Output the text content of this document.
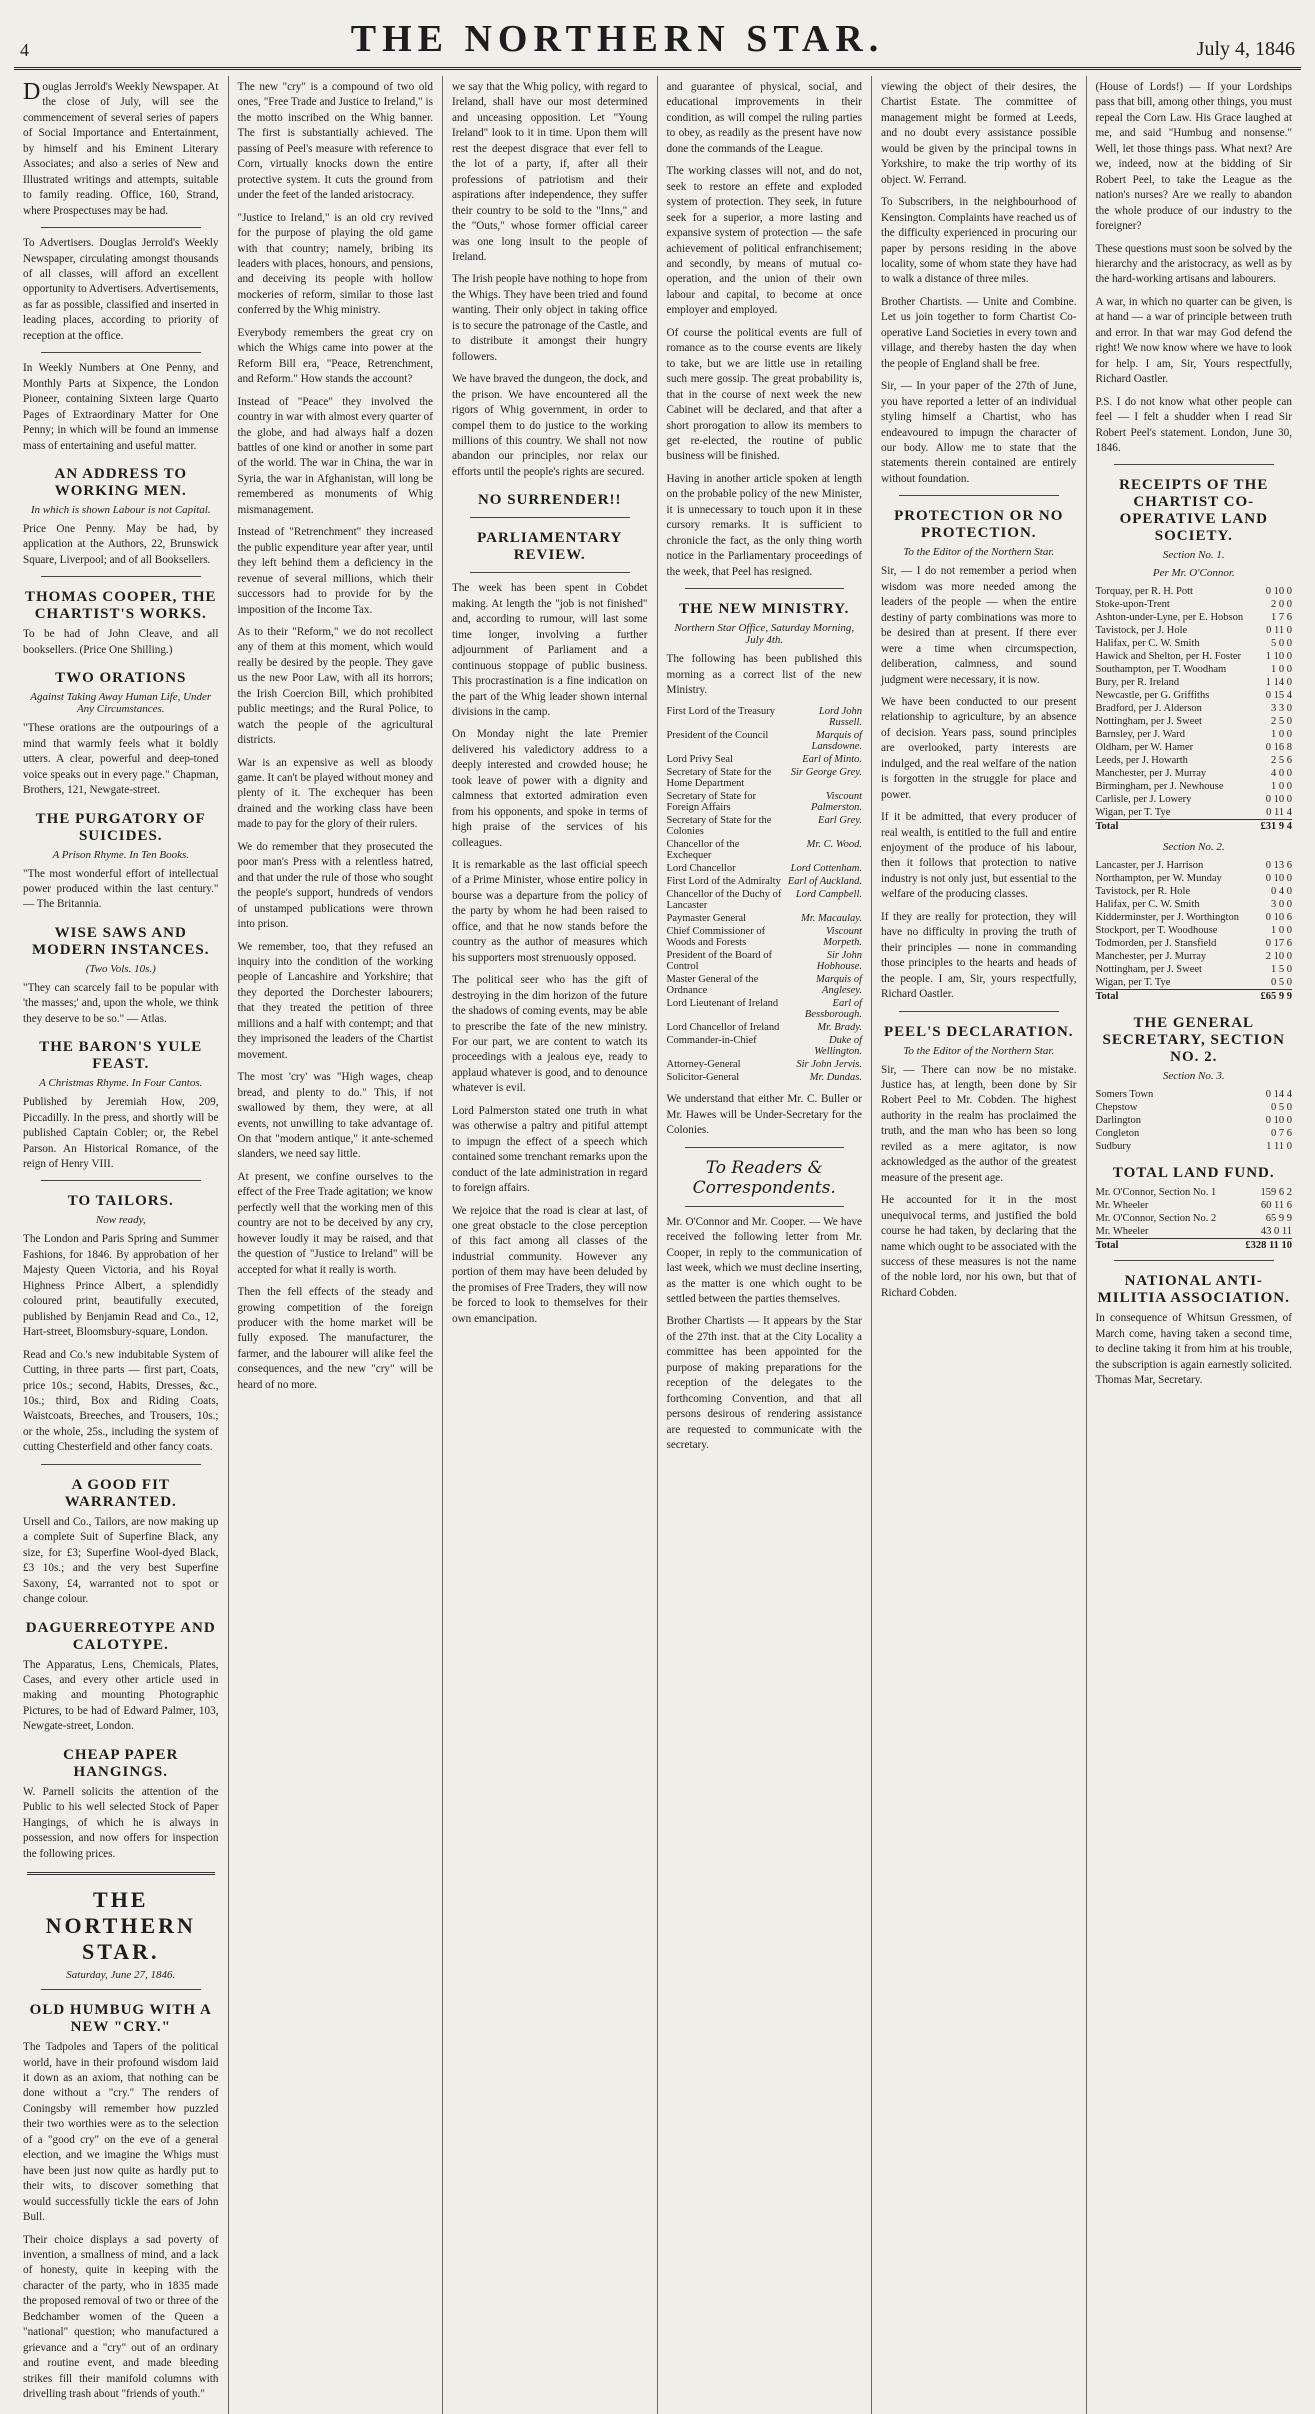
4	THE NORTHERN STAR.	July 4, 1846

Douglas Jerrold's Weekly Newspaper. At the close of July, will see the commencement of several series of papers of Social Importance and Entertainment, by himself and his Eminent Literary Associates; and also a series of New and Illustrated writings and attempts, suitable to family reading. Office, 160, Strand, where Prospectuses may be had.

To Advertisers. Douglas Jerrold's Weekly Newspaper, circulating amongst thousands of all classes, will afford an excellent opportunity to Advertisers. Advertisements, as far as possible, classified and inserted in leading places, according to priority of reception at the office.

In Weekly Numbers at One Penny, and Monthly Parts at Sixpence, the London Pioneer, containing Sixteen large Quarto Pages of Extraordinary Matter for One Penny; in which will be found an immense mass of entertaining and useful matter.

AN ADDRESS TO WORKING MEN.
In which is shown Labour is not Capital.

Price One Penny. May be had, by application at the Authors, 22, Brunswick Square, Liverpool; and of all Booksellers.

THOMAS COOPER, THE CHARTIST'S WORKS.

To be had of John Cleave, and all booksellers. (Price One Shilling.)

TWO ORATIONS
Against Taking Away Human Life, Under Any Circumstances.

"These orations are the outpourings of a mind that warmly feels what it boldly utters. A clear, powerful and deep-toned voice speaks out in every page." Chapman, Brothers, 121, Newgate-street.

THE PURGATORY OF SUICIDES.
A Prison Rhyme. In Ten Books.

"The most wonderful effort of intellectual power produced within the last century." — The Britannia.

WISE SAWS AND MODERN INSTANCES.
(Two Vols. 10s.)

"They can scarcely fail to be popular with 'the masses;' and, upon the whole, we think they deserve to be so." — Atlas.

THE BARON'S YULE FEAST.
A Christmas Rhyme. In Four Cantos.

Published by Jeremiah How, 209, Piccadilly. In the press, and shortly will be published Captain Cobler; or, the Rebel Parson. An Historical Romance, of the reign of Henry VIII.

TO TAILORS.
Now ready,

The London and Paris Spring and Summer Fashions, for 1846. By approbation of her Majesty Queen Victoria, and his Royal Highness Prince Albert, a splendidly coloured print, beautifully executed, published by Benjamin Read and Co., 12, Hart-street, Bloomsbury-square, London.

Read and Co.'s new indubitable System of Cutting, in three parts — first part, Coats, price 10s.; second, Habits, Dresses, &c., 10s.; third, Box and Riding Coats, Waistcoats, Breeches, and Trousers, 10s.; or the whole, 25s., including the system of cutting Chesterfield and other fancy coats.

A GOOD FIT WARRANTED.

Ursell and Co., Tailors, are now making up a complete Suit of Superfine Black, any size, for £3; Superfine Wool-dyed Black, £3 10s.; and the very best Superfine Saxony, £4, warranted not to spot or change colour.

DAGUERREOTYPE AND CALOTYPE.

The Apparatus, Lens, Chemicals, Plates, Cases, and every other article used in making and mounting Photographic Pictures, to be had of Edward Palmer, 103, Newgate-street, London.

CHEAP PAPER HANGINGS.

W. Parnell solicits the attention of the Public to his well selected Stock of Paper Hangings, of which he is always in possession, and now offers for inspection the following prices.

THE NORTHERN STAR.
Saturday, June 27, 1846.
OLD HUMBUG WITH A NEW "CRY."

The Tadpoles and Tapers of the political world, have in their profound wisdom laid it down as an axiom, that nothing can be done without a "cry." The renders of Coningsby will remember how puzzled their two worthies were as to the selection of a "good cry" on the eve of a general election, and we imagine the Whigs must have been just now quite as hardly put to their wits, to discover something that would successfully tickle the ears of John Bull.

Their choice displays a sad poverty of invention, a smallness of mind, and a lack of honesty, quite in keeping with the character of the party, who in 1835 made the proposed removal of two or three of the Bedchamber women of the Queen a "national" question; who manufactured a grievance and a "cry" out of an ordinary and routine event, and made bleeding strikes fill their manifold columns with drivelling trash about "friends of youth."

The new "cry" is a compound of two old ones, "Free Trade and Justice to Ireland," is the motto inscribed on the Whig banner. The first is substantially achieved. The passing of Peel's measure with reference to Corn, virtually knocks down the entire protective system. It cuts the ground from under the feet of the landed aristocracy.

"Justice to Ireland," is an old cry revived for the purpose of playing the old game with that country; namely, bribing its leaders with places, honours, and pensions, and deceiving its people with hollow mockeries of reform, similar to those last conferred by the Whig ministry.

Everybody remembers the great cry on which the Whigs came into power at the Reform Bill era, "Peace, Retrenchment, and Reform." How stands the account?

Instead of "Peace" they involved the country in war with almost every quarter of the globe, and had always half a dozen battles of one kind or another in some part of the world. The war in China, the war in Syria, the war in Afghanistan, will long be remembered as monuments of Whig mismanagement.

Instead of "Retrenchment" they increased the public expenditure year after year, until they left behind them a deficiency in the revenue of several millions, which their successors had to provide for by the imposition of the Income Tax.

As to their "Reform," we do not recollect any of them at this moment, which would really be desired by the people. They gave us the new Poor Law, with all its horrors; the Irish Coercion Bill, which prohibited public meetings; and the Rural Police, to watch the people of the agricultural districts.

War is an expensive as well as bloody game. It can't be played without money and plenty of it. The exchequer has been drained and the working class have been made to pay for the glory of their rulers.

We do remember that they prosecuted the poor man's Press with a relentless hatred, and that under the rule of those who sought the people's support, hundreds of vendors of unstamped publications were thrown into prison.

We remember, too, that they refused an inquiry into the condition of the working people of Lancashire and Yorkshire; that they deported the Dorchester labourers; that they treated the petition of three millions and a half with contempt; and that they imprisoned the leaders of the Chartist movement.

The most 'cry' was "High wages, cheap bread, and plenty to do." This, if not swallowed by them, they were, at all events, not unwilling to take advantage of. On that "modern antique," it ante-schemed slanders, we need say little.

At present, we confine ourselves to the effect of the Free Trade agitation; we know perfectly well that the working men of this country are not to be deceived by any cry, however loudly it may be raised, and that the question of "Justice to Ireland" will be accepted for what it really is worth.

Then the fell effects of the steady and growing competition of the foreign producer with the home market will be fully exposed. The manufacturer, the farmer, and the labourer will alike feel the consequences, and the new "cry" will be heard of no more.

we say that the Whig policy, with regard to Ireland, shall have our most determined and unceasing opposition. Let "Young Ireland" look to it in time. Upon them will rest the deepest disgrace that ever fell to the lot of a party, if, after all their professions of patriotism and their aspirations after independence, they suffer their country to be sold to the "Inns," and the "Outs," whose former official career was one long insult to the people of Ireland.

The Irish people have nothing to hope from the Whigs. They have been tried and found wanting. Their only object in taking office is to secure the patronage of the Castle, and to distribute it amongst their hungry followers.

We have braved the dungeon, the dock, and the prison. We have encountered all the rigors of Whig government, in order to compel them to do justice to the working millions of this country. We shall not now abandon our principles, nor relax our efforts until the people's rights are secured.

NO SURRENDER!!
PARLIAMENTARY REVIEW.

The week has been spent in Cobdet making. At length the "job is not finished" and, according to rumour, will last some time longer, involving a further adjournment of Parliament and a continuous stoppage of public business. This procrastination is a fine indication on the part of the Whig leader shown internal divisions in the camp.

On Monday night the late Premier delivered his valedictory address to a deeply interested and crowded house; he took leave of power with a dignity and calmness that extorted admiration even from his opponents, and spoke in terms of high praise of the services of his colleagues.

It is remarkable as the last official speech of a Prime Minister, whose entire policy in bourse was a departure from the policy of the party by whom he had been raised to office, and that he now stands before the country as the author of measures which his supporters most strenuously opposed.

The political seer who has the gift of destroying in the dim horizon of the future the shadows of coming events, may be able to prescribe the fate of the new ministry. For our part, we are content to watch its proceedings with a jealous eye, ready to applaud whatever is good, and to denounce whatever is evil.

Lord Palmerston stated one truth in what was otherwise a paltry and pitiful attempt to impugn the effect of a speech which contained some trenchant remarks upon the conduct of the late administration in regard to foreign affairs.

We rejoice that the road is clear at last, of one great obstacle to the close perception of this fact among all classes of the industrial community. However any portion of them may have been deluded by the promises of Free Traders, they will now be forced to look to themselves for their own emancipation.

and guarantee of physical, social, and educational improvements in their condition, as will compel the ruling parties to obey, as readily as the present have now done the commands of the League.

The working classes will not, and do not, seek to restore an effete and exploded system of protection. They seek, in future seek for a superior, a more lasting and expansive system of protection — the safe achievement of political enfranchisement; and secondly, by means of mutual co-operation, and the union of their own labour and capital, to become at once employer and employed.

Of course the political events are full of romance as to the course events are likely to take, but we are little use in retailing such mere gossip. The great probability is, that in the course of next week the new Cabinet will be declared, and that after a short prorogation to allow its members to get re-elected, the routine of public business will be finished.

Having in another article spoken at length on the probable policy of the new Minister, it is unnecessary to touch upon it in these cursory remarks. It is sufficient to chronicle the fact, as the only thing worth notice in the Parliamentary proceedings of the week, that Peel has resigned.

THE NEW MINISTRY.
Northern Star Office, Saturday Morning, July 4th.

The following has been published this morning as a correct list of the new Ministry.

First Lord of the Treasury	Lord John Russell.
President of the Council	Marquis of Lansdowne.
Lord Privy Seal	Earl of Minto.
Secretary of State for the Home Department	Sir George Grey.
Secretary of State for Foreign Affairs	Viscount Palmerston.
Secretary of State for the Colonies	Earl Grey.
Chancellor of the Exchequer	Mr. C. Wood.
Lord Chancellor	Lord Cottenham.
First Lord of the Admiralty	Earl of Auckland.
Chancellor of the Duchy of Lancaster	Lord Campbell.
Paymaster General	Mr. Macaulay.
Chief Commissioner of Woods and Forests	Viscount Morpeth.
President of the Board of Control	Sir John Hobhouse.
Master General of the Ordnance	Marquis of Anglesey.
Lord Lieutenant of Ireland	Earl of Bessborough.
Lord Chancellor of Ireland	Mr. Brady.
Commander-in-Chief	Duke of Wellington.
Attorney-General	Sir John Jervis.
Solicitor-General	Mr. Dundas.

We understand that either Mr. C. Buller or Mr. Hawes will be Under-Secretary for the Colonies.

To Readers & Correspondents.

Mr. O'Connor and Mr. Cooper. — We have received the following letter from Mr. Cooper, in reply to the communication of last week, which we must decline inserting, as the matter is one which ought to be settled between the parties themselves.

Brother Chartists — It appears by the Star of the 27th inst. that at the City Locality a committee has been appointed for the purpose of making preparations for the reception of the delegates to the forthcoming Convention, and that all persons desirous of rendering assistance are requested to communicate with the secretary.

viewing the object of their desires, the Chartist Estate. The committee of management might be formed at Leeds, and no doubt every assistance possible would be given by the principal towns in Yorkshire, to make the trip worthy of its object. W. Ferrand.

To Subscribers, in the neighbourhood of Kensington. Complaints have reached us of the difficulty experienced in procuring our paper by persons residing in the above locality, some of whom state they have had to walk a distance of three miles.

Brother Chartists. — Unite and Combine. Let us join together to form Chartist Co-operative Land Societies in every town and village, and thereby hasten the day when the people of England shall be free.

Sir, — In your paper of the 27th of June, you have reported a letter of an individual styling himself a Chartist, who has endeavoured to impugn the character of our body. Allow me to state that the statements therein contained are entirely without foundation.

PROTECTION OR NO PROTECTION.
To the Editor of the Northern Star.

Sir, — I do not remember a period when wisdom was more needed among the leaders of the people — when the entire destiny of party combinations was more to be desired than at present. If there ever were a time when circumspection, deliberation, calmness, and sound judgment were necessary, it is now.

We have been conducted to our present relationship to agriculture, by an absence of decision. Years pass, sound principles are overlooked, party interests are indulged, and the real welfare of the nation is forgotten in the struggle for place and power.

If it be admitted, that every producer of real wealth, is entitled to the full and entire enjoyment of the produce of his labour, then it follows that protection to native industry is not only just, but essential to the welfare of the producing classes.

If they are really for protection, they will have no difficulty in proving the truth of their principles — none in commanding those principles to the hearts and heads of the people. I am, Sir, yours respectfully, Richard Oastler.

PEEL'S DECLARATION.
To the Editor of the Northern Star.

Sir, — There can now be no mistake. Justice has, at length, been done by Sir Robert Peel to Mr. Cobden. The highest authority in the realm has proclaimed the truth, and the man who has been so long reviled as a mere agitator, is now acknowledged as the author of the greatest measure of the present age.

He accounted for it in the most unequivocal terms, and justified the bold course he had taken, by declaring that the name which ought to be associated with the success of these measures is not the name of the noble lord, nor his own, but that of Richard Cobden.

(House of Lords!) — If your Lordships pass that bill, among other things, you must repeal the Corn Law. His Grace laughed at me, and said "Humbug and nonsense." Well, let those things pass. What next? Are we, indeed, now at the bidding of Sir Robert Peel, to take the League as the nation's nurses? Are we really to abandon the whole produce of our industry to the foreigner?

These questions must soon be solved by the hierarchy and the aristocracy, as well as by the hard-working artisans and labourers.

A war, in which no quarter can be given, is at hand — a war of principle between truth and error. In that war may God defend the right! We now know where we have to look for help. I am, Sir, Yours respectfully, Richard Oastler.

P.S. I do not know what other people can feel — I felt a shudder when I read Sir Robert Peel's statement. London, June 30, 1846.

RECEIPTS OF THE CHARTIST CO-OPERATIVE LAND SOCIETY.
Section No. 1.
Per Mr. O'Connor.
Torquay, per R. H. Pott	0 10 0
Stoke-upon-Trent	2 0 0
Ashton-under-Lyne, per E. Hobson	1 7 6
Tavistock, per J. Hole	0 11 0
Halifax, per C. W. Smith	5 0 0
Hawick and Shelton, per H. Foster	1 10 0
Southampton, per T. Woodham	1 0 0
Bury, per R. Ireland	1 14 0
Newcastle, per G. Griffiths	0 15 4
Bradford, per J. Alderson	3 3 0
Nottingham, per J. Sweet	2 5 0
Barnsley, per J. Ward	1 0 0
Oldham, per W. Hamer	0 16 8
Leeds, per J. Howarth	2 5 6
Manchester, per J. Murray	4 0 0
Birmingham, per J. Newhouse	1 0 0
Carlisle, per J. Lowery	0 10 0
Wigan, per T. Tye	0 11 4
Total	£31 9 4
Section No. 2.
Lancaster, per J. Harrison	0 13 6
Northampton, per W. Munday	0 10 0
Tavistock, per R. Hole	0 4 0
Halifax, per C. W. Smith	3 0 0
Kidderminster, per J. Worthington	0 10 6
Stockport, per T. Woodhouse	1 0 0
Todmorden, per J. Stansfield	0 17 6
Manchester, per J. Murray	2 10 0
Nottingham, per J. Sweet	1 5 0
Wigan, per T. Tye	0 5 0
Total	£65 9 9
THE GENERAL SECRETARY, SECTION NO. 2.
Section No. 3.
Somers Town	0 14 4
Chepstow	0 5 0
Darlington	0 10 0
Congleton	0 7 6
Sudbury	1 11 0
TOTAL LAND FUND.
Mr. O'Connor, Section No. 1	159 6 2
Mr. Wheeler	60 11 6
Mr. O'Connor, Section No. 2	65 9 9
Mr. Wheeler	43 0 11
Total	£328 11 10
NATIONAL ANTI-MILITIA ASSOCIATION.

In consequence of Whitsun Gressmen, of March come, having taken a second time, to decline taking it from him at his trouble, the subscription is again earnestly solicited. Thomas Mar, Secretary.
